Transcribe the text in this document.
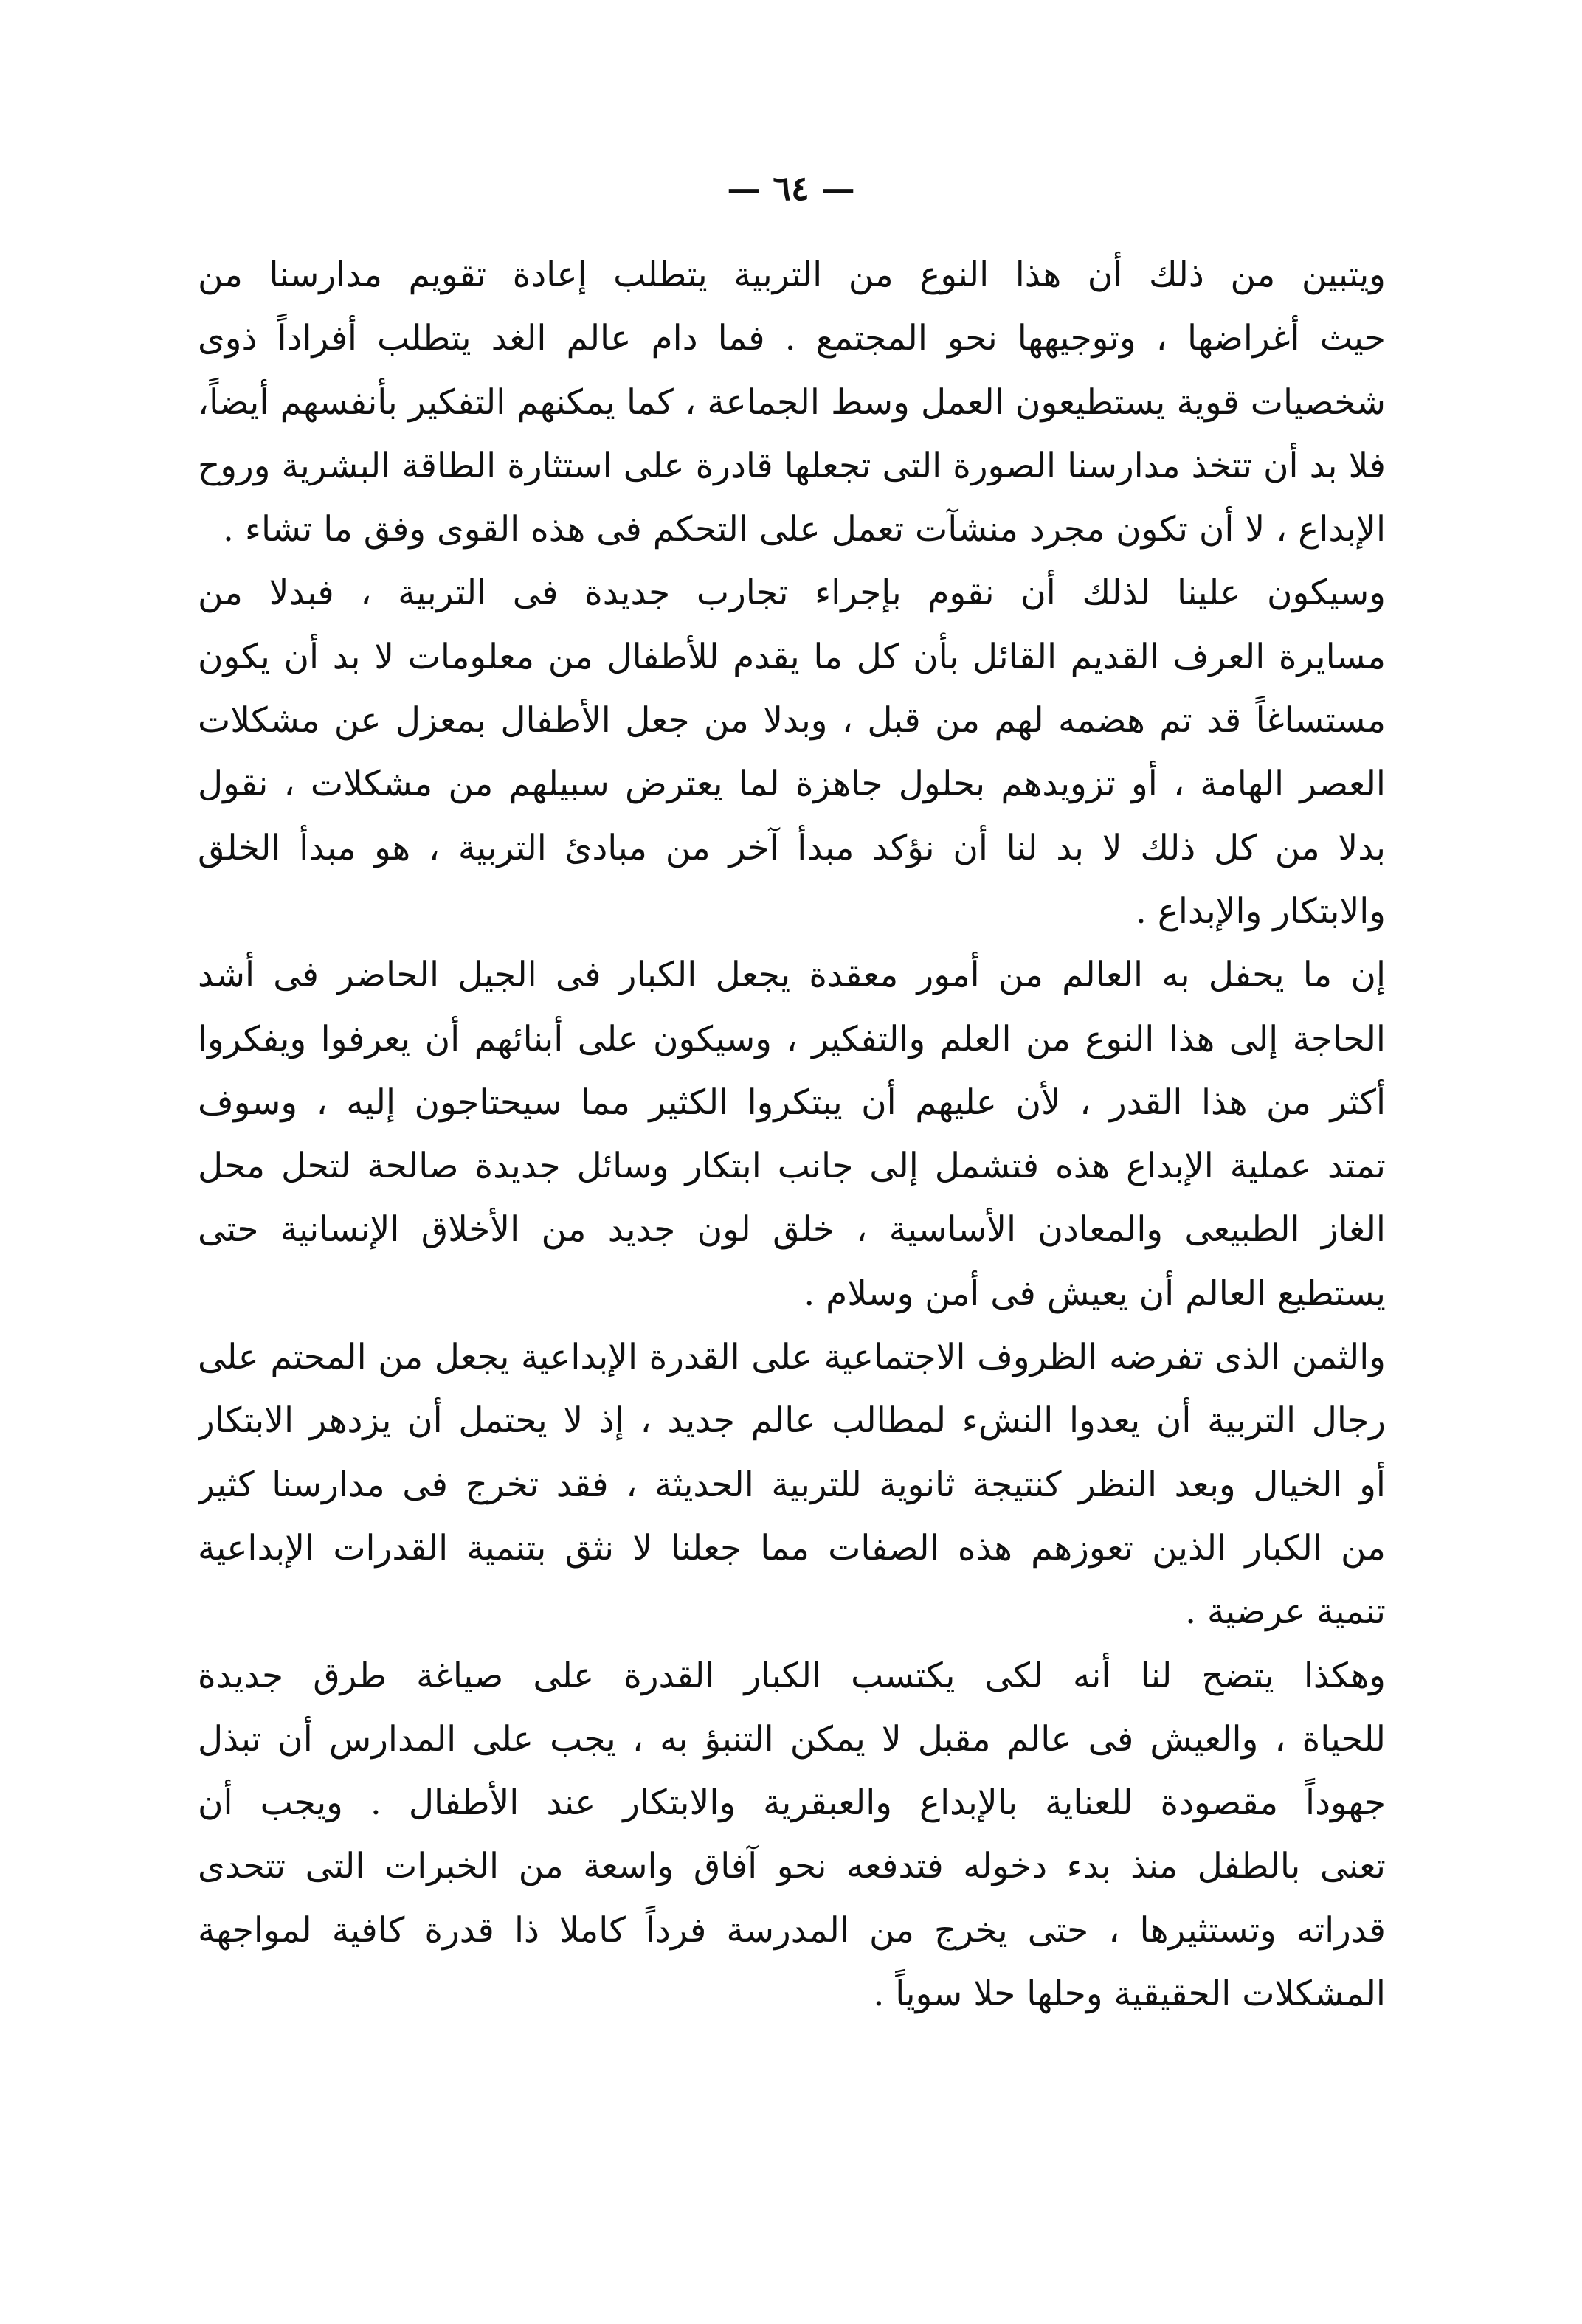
— ٦٤ —
ويتبين من ذلك أن هذا النوع من التربية يتطلب إعادة تقويم مدارسنا من
حيث أغراضها ، وتوجيهها نحو المجتمع . فما دام عالم الغد يتطلب أفراداً ذوى
شخصيات قوية يستطيعون العمل وسط الجماعة ، كما يمكنهم التفكير بأنفسهم أيضاً،
فلا بد أن تتخذ مدارسنا الصورة التى تجعلها قادرة على استثارة الطاقة البشرية وروح
الإبداع ، لا أن تكون مجرد منشآت تعمل على التحكم فى هذه القوى وفق ما تشاء .
وسيكون علينا لذلك أن نقوم بإجراء تجارب جديدة فى التربية ، فبدلا من
مسايرة العرف القديم القائل بأن كل ما يقدم للأطفال من معلومات لا بد أن يكون
مستساغاً قد تم هضمه لهم من قبل ، وبدلا من جعل الأطفال بمعزل عن مشكلات
العصر الهامة ، أو تزويدهم بحلول جاهزة لما يعترض سبيلهم من مشكلات ، نقول
بدلا من كل ذلك لا بد لنا أن نؤكد مبدأ آخر من مبادئ التربية ، هو مبدأ الخلق
والابتكار والإبداع .
إن ما يحفل به العالم من أمور معقدة يجعل الكبار فى الجيل الحاضر فى أشد
الحاجة إلى هذا النوع من العلم والتفكير ، وسيكون على أبنائهم أن يعرفوا ويفكروا
أكثر من هذا القدر ، لأن عليهم أن يبتكروا الكثير مما سيحتاجون إليه ، وسوف
تمتد عملية الإبداع هذه فتشمل إلى جانب ابتكار وسائل جديدة صالحة لتحل محل
الغاز الطبيعى والمعادن الأساسية ، خلق لون جديد من الأخلاق الإنسانية حتى
يستطيع العالم أن يعيش فى أمن وسلام .
والثمن الذى تفرضه الظروف الاجتماعية على القدرة الإبداعية يجعل من المحتم على
رجال التربية أن يعدوا النشء لمطالب عالم جديد ، إذ لا يحتمل أن يزدهر الابتكار
أو الخيال وبعد النظر كنتيجة ثانوية للتربية الحديثة ، فقد تخرج فى مدارسنا كثير
من الكبار الذين تعوزهم هذه الصفات مما جعلنا لا نثق بتنمية القدرات الإبداعية
تنمية عرضية .
وهكذا يتضح لنا أنه لكى يكتسب الكبار القدرة على صياغة طرق جديدة
للحياة ، والعيش فى عالم مقبل لا يمكن التنبؤ به ، يجب على المدارس أن تبذل
جهوداً مقصودة للعناية بالإبداع والعبقرية والابتكار عند الأطفال . ويجب أن
تعنى بالطفل منذ بدء دخوله فتدفعه نحو آفاق واسعة من الخبرات التى تتحدى
قدراته وتستثيرها ، حتى يخرج من المدرسة فرداً كاملا ذا قدرة كافية لمواجهة
المشكلات الحقيقية وحلها حلا سوياً .
